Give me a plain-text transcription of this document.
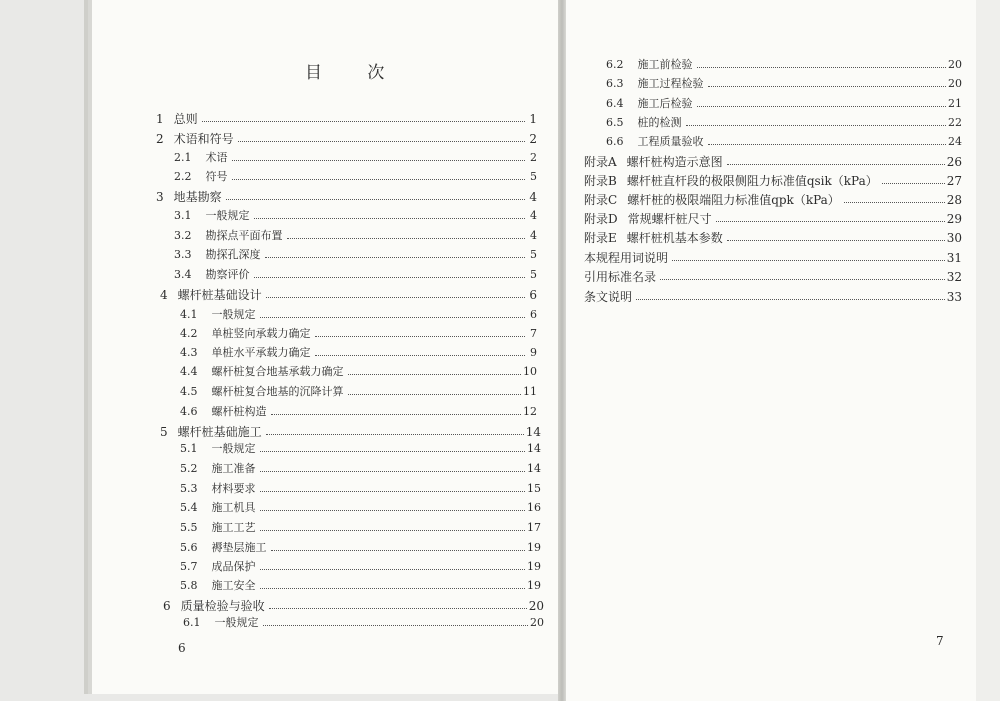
目 次
1 总则	1
2 术语和符号	2
2.1 术语	2
2.2 符号	5
3 地基勘察	4
3.1 一般规定	4
3.2 勘探点平面布置	4
3.3 勘探孔深度	5
3.4 勘察评价	5
4 螺杆桩基础设计	6
4.1 一般规定	6
4.2 单桩竖向承载力确定	7
4.3 单桩水平承载力确定	9
4.4 螺杆桩复合地基承载力确定	10
4.5 螺杆桩复合地基的沉降计算	11
4.6 螺杆桩构造	12
5 螺杆桩基础施工	14
5.1 一般规定	14
5.2 施工准备	14
5.3 材料要求	15
5.4 施工机具	16
5.5 施工工艺	17
5.6 褥垫层施工	19
5.7 成品保护	19
5.8 施工安全	19
6 质量检验与验收	20
6.1 一般规定	20
6.2 施工前检验	20
6.3 施工过程检验	20
6.4 施工后检验	21
6.5 桩的检测	22
6.6 工程质量验收	24
附录A 螺杆桩构造示意图	26
附录B 螺杆桩直杆段的极限侧阻力标准值qsik（kPa）	27
附录C 螺杆桩的极限端阻力标准值qpk（kPa）	28
附录D 常规螺杆桩尺寸	29
附录E 螺杆桩机基本参数	30
本规程用词说明	31
引用标准名录	32
条文说明	33
6	7
